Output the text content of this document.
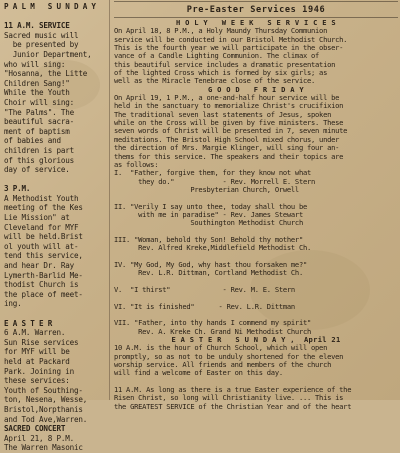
P A L M   S U N D A Y

11 A.M. SERVICE
Sacred music will
be presented by
Junior Department,
who will sing:
"Hosanna, the Litte
Children Sang!"
While the Youth
Choir will sing:
"The Palms". The
beautiful sacra-
ment of baptism
of babies and
children is part
of this glorious
day of service.

3 P.M.
A Methodist Youth
meeting of the Kes
Lie Mission" at
Cleveland for MYF
will be held.Brist
ol youth will at-
tend this service,
and hear Dr. Ray
Lymerth-Barlid Me-
thodist Church is
the place of meet-
ing.

E A S T E R
6 A.M. Warren.
Sun Rise services
for MYF will be
held at Packard
Park. Joining in
these services:
Youth of Southing-
ton, Nesena, Wesse,
Bristol,Norpthanis
and Tod Ave,Warren.
SACRED CONCERT
April 21, 8 P.M.
The Warren Masonic
Pre-Easter Services 1946
H O L Y   W E E K   S E R V I C E S
On April 18, 8 P.M., a Holy Maundy Thursday Communion
service will be conducted in our Bristol Methodist Church.
This is the fourth year we will participate in the obser-
vance of a Candle Lighting Communion. The climax of
this beautiful service includes a dramatic presentation
of the lighted Cross which is formed by six girls; as
well as the Miracle Tenebrae close of the service.
G O O D   F R I D A Y
On April 19, 1 P.M., a one-and-half hour service will be
held in the sanctuary to memorialize Christ's crucifixion
The traditional seven last statements of Jesus, spoken
while on the Cross will be given by five ministers. These
seven words of Christ will be presented in 7, seven minute
meditations. The Bristol High School mixed chorus, under
the direction of Mrs. Margie Klinger, will sing four an-
thems for this service. The speakers and their topics are
as follows:
I.  "Father, forgive them, for they know not what
they do."            - Rev. Morrell E. Stern
Presbyterian Church, Orwell

II. "Verily I say unto thee, today shall thou be
with me in paradise" - Rev. James Stewart
Southington Methodist Church

III. "Woman, behold thy Son! Behold thy mother"
Rev. Alfred Kreke,Middlefield Methodist Ch.

IV. "My God, My God, why hast thou forsaken me?"
Rev. L.R. Dittman, Cortland Methodist Ch.

V.  "I thirst"             - Rev. M. E. Stern

VI. "It is finished"      - Rev. L.R. Dittman

VII. "Father, into thy hands I commend my spirit"
Rev. A. Kreke Ch. Grand Ni Methodist Church
E A S T E R   S U N D A Y ,  April 21
10 A.M. is the hour of Church School, which will open
promptly, so as not to be unduly shortened for the eleven
worship service. All friends and members of the church
will find a welcome of Easter on this day.

11 A.M. As long as there is a true Easter experience of the
Risen Christ, so long will Christianity live. ... This is
the GREATEST SERVICE of the Christian Year and of the heart
